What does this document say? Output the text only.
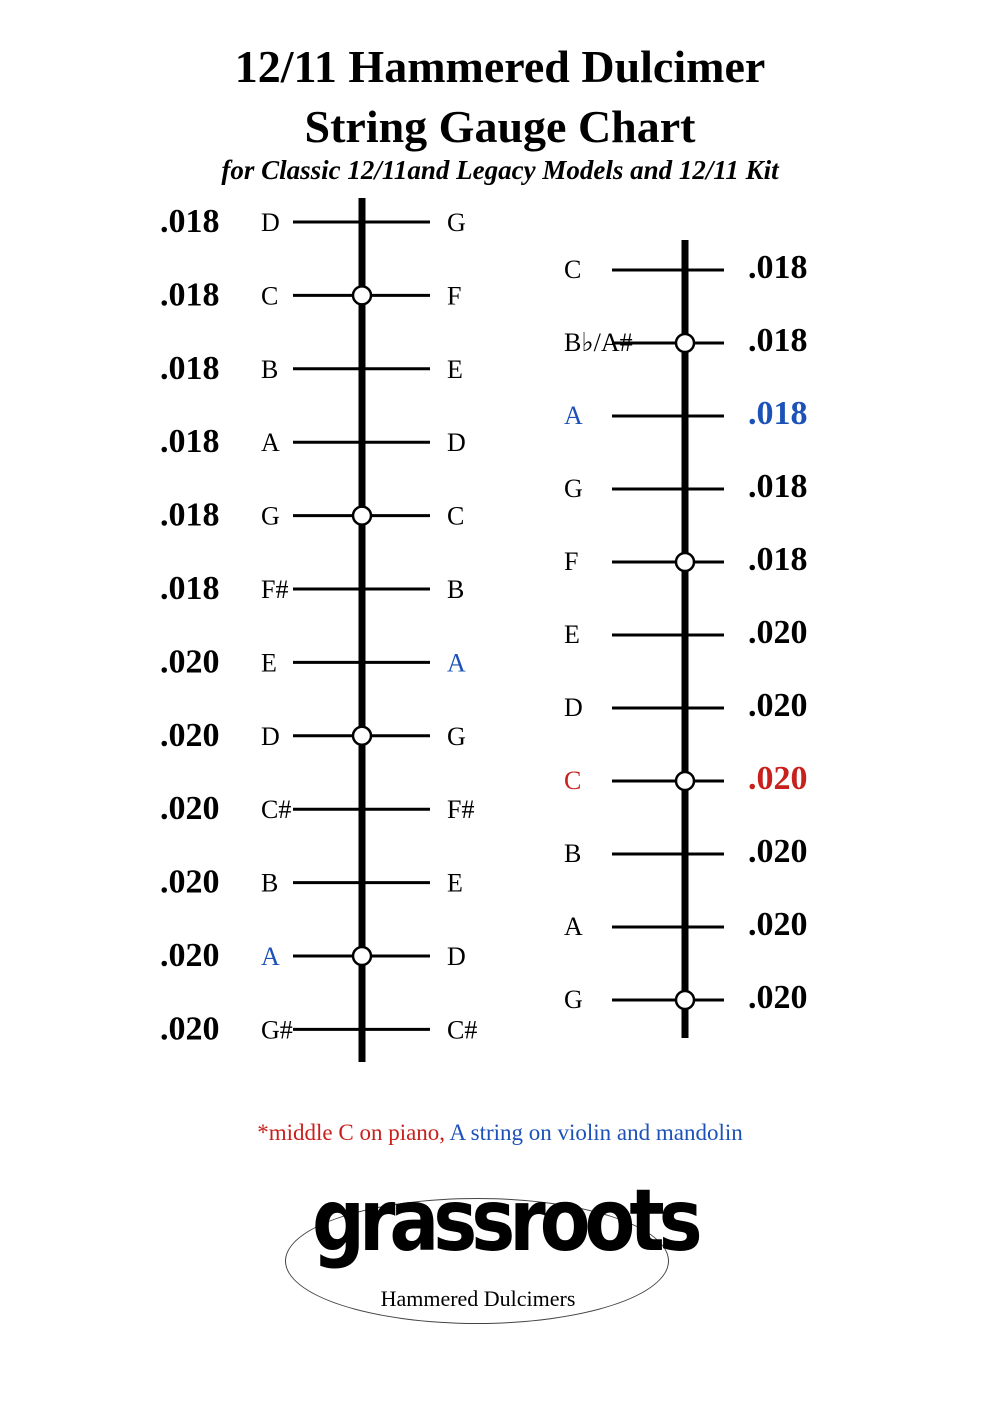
12/11 Hammered Dulcimer
String Gauge Chart
for Classic 12/11and Legacy Models and 12/11 Kit
.018 D	G
.018 C	F
.018 B	E
.018 A	D
.018 G	C
.018 F#	B
.020 E	A
.020 D	G
.020 C#	F#
.020 B	E
.020 A	D
.020 G#	C#
C	.018
B♭/A#	.018
A	.018
G	.018
F	.018
E	.020
D	.020
C	.020
B	.020
A	.020
G	.020
*middle C on piano, A string on violin and mandolin
grassroots
Hammered Dulcimers
